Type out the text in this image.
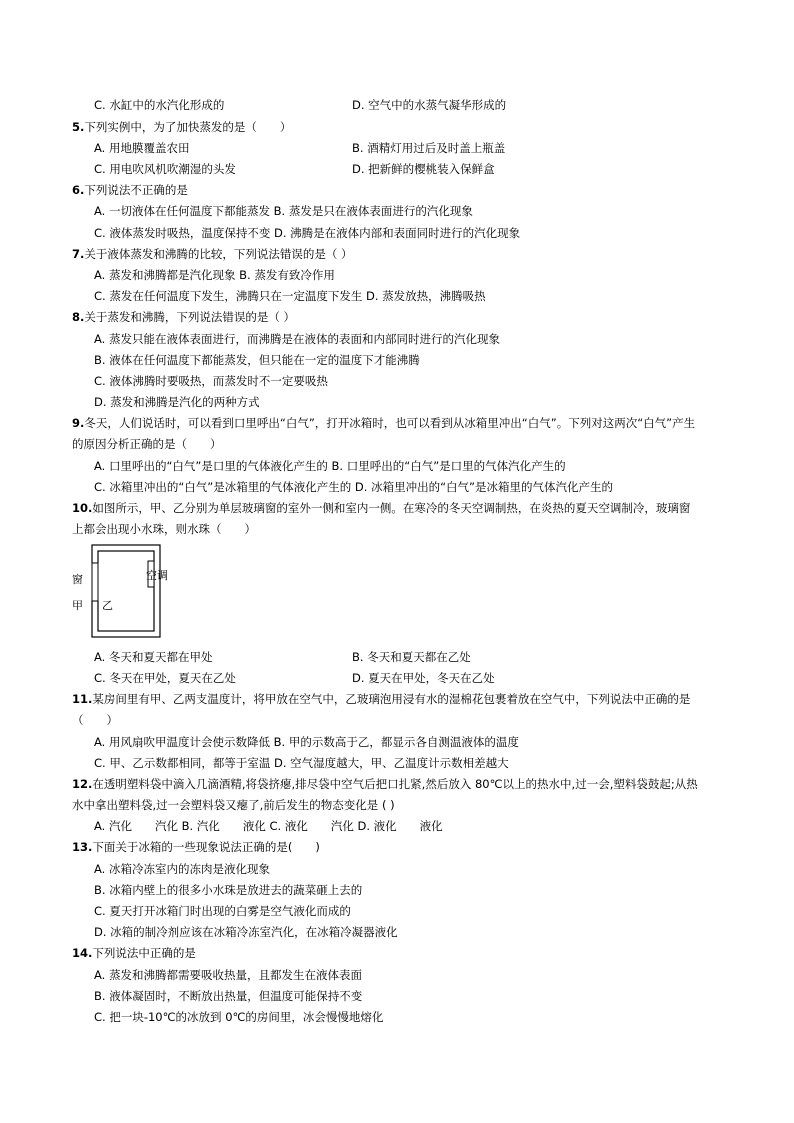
C. 水缸中的水汽化形成的	D. 空气中的水蒸气凝华形成的
5.下列实例中，为了加快蒸发的是（　　）
A. 用地膜覆盖农田	B. 酒精灯用过后及时盖上瓶盖
C. 用电吹风机吹潮湿的头发	D. 把新鲜的樱桃装入保鲜盒
6.下列说法不正确的是
A. 一切液体在任何温度下都能蒸发 B. 蒸发是只在液体表面进行的汽化现象
C. 液体蒸发时吸热，温度保持不变 D. 沸腾是在液体内部和表面同时进行的汽化现象
7.关于液体蒸发和沸腾的比较，下列说法错误的是（ ）
A. 蒸发和沸腾都是汽化现象 B. 蒸发有致冷作用
C. 蒸发在任何温度下发生，沸腾只在一定温度下发生 D. 蒸发放热，沸腾吸热
8.关于蒸发和沸腾，下列说法错误的是（ ）
A. 蒸发只能在液体表面进行，而沸腾是在液体的表面和内部同时进行的汽化现象
B. 液体在任何温度下都能蒸发，但只能在一定的温度下才能沸腾
C. 液体沸腾时要吸热，而蒸发时不一定要吸热
D. 蒸发和沸腾是汽化的两种方式
9.冬天，人们说话时，可以看到口里呼出“白气”，打开冰箱时，也可以看到从冰箱里冲出“白气”。下列对这两次“白气”产生
的原因分析正确的是（　　）
A. 口里呼出的“白气”是口里的气体液化产生的 B. 口里呼出的“白气”是口里的气体汽化产生的
C. 冰箱里冲出的“白气”是冰箱里的气体液化产生的 D. 冰箱里冲出的“白气”是冰箱里的气体汽化产生的
10.如图所示，甲、乙分别为单层玻璃窗的室外一侧和室内一侧。在寒冷的冬天空调制热，在炎热的夏天空调制冷，玻璃窗
上都会出现小水珠，则水珠（　　）
窗
甲 乙
空调
A. 冬天和夏天都在甲处	B. 冬天和夏天都在乙处
C. 冬天在甲处，夏天在乙处	D. 夏天在甲处，冬天在乙处
11.某房间里有甲、乙两支温度计，将甲放在空气中，乙玻璃泡用浸有水的湿棉花包裹着放在空气中，下列说法中正确的是
（　　）
A. 用风扇吹甲温度计会使示数降低 B. 甲的示数高于乙，都显示各自测温液体的温度
C. 甲、乙示数都相同，都等于室温 D. 空气湿度越大，甲、乙温度计示数相差越大
12.在透明塑料袋中滴入几滴酒精,将袋挤瘪,排尽袋中空气后把口扎紧,然后放入 80℃以上的热水中,过一会,塑料袋鼓起;从热
水中拿出塑料袋,过一会塑料袋又瘪了,前后发生的物态变化是 ( )
A. 汽化　　汽化 B. 汽化　　液化 C. 液化　　汽化 D. 液化　　液化
13.下面关于冰箱的一些现象说法正确的是(　　)
A. 冰箱冷冻室内的冻肉是液化现象
B. 冰箱内壁上的很多小水珠是放进去的蔬菜砸上去的
C. 夏天打开冰箱门时出现的白雾是空气液化而成的
D. 冰箱的制冷剂应该在冰箱冷冻室汽化，在冰箱冷凝器液化
14.下列说法中正确的是
A. 蒸发和沸腾都需要吸收热量，且都发生在液体表面
B. 液体凝固时，不断放出热量，但温度可能保持不变
C. 把一块-10℃的冰放到 0℃的房间里，冰会慢慢地熔化
